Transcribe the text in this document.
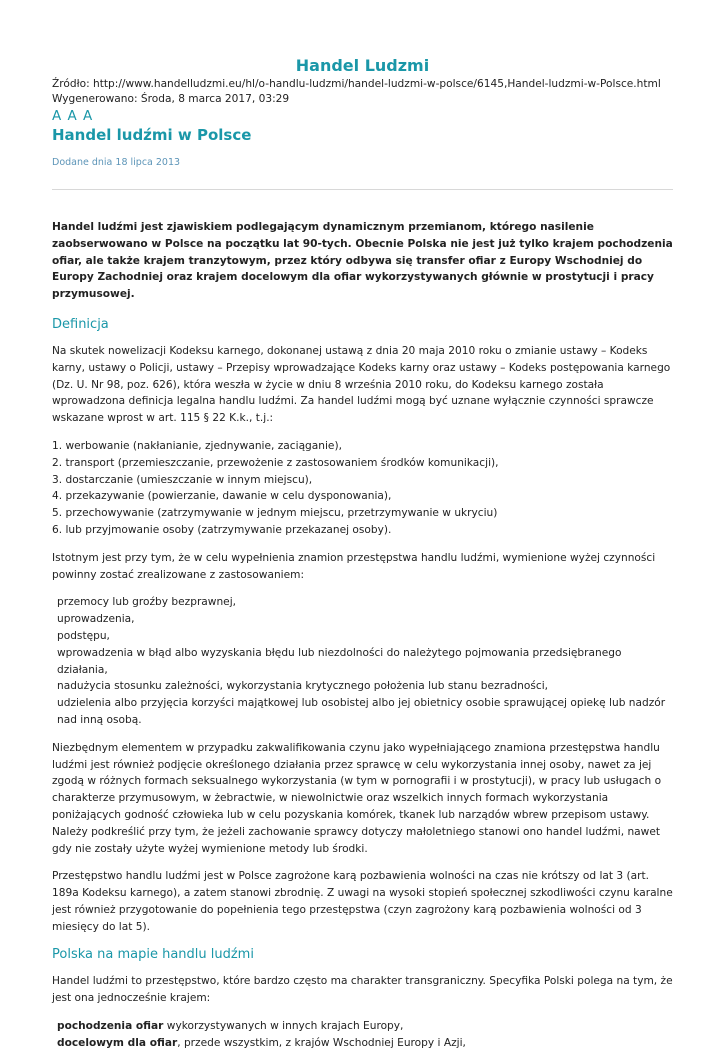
Handel Ludzmi
Źródło: http://www.handelludzmi.eu/hl/o-handlu-ludzmi/handel-ludzmi-w-polsce/6145,Handel-ludzmi-w-Polsce.html
Wygenerowano: Środa, 8 marca 2017, 03:29
A A A
Handel ludźmi w Polsce
Dodane dnia 18 lipca 2013

Handel ludźmi jest zjawiskiem podlegającym dynamicznym przemianom, którego nasilenie zaobserwowano w Polsce na początku lat 90-tych. Obecnie Polska nie jest już tylko krajem pochodzenia ofiar, ale także krajem tranzytowym, przez który odbywa się transfer ofiar z Europy Wschodniej do Europy Zachodniej oraz krajem docelowym dla ofiar wykorzystywanych głównie w prostytucji i pracy przymusowej.

Definicja

Na skutek nowelizacji Kodeksu karnego, dokonanej ustawą z dnia 20 maja 2010 roku o zmianie ustawy – Kodeks karny, ustawy o Policji, ustawy – Przepisy wprowadzające Kodeks karny oraz ustawy – Kodeks postępowania karnego (Dz. U. Nr 98, poz. 626), która weszła w życie w dniu 8 września 2010 roku, do Kodeksu karnego została wprowadzona definicja legalna handlu ludźmi. Za handel ludźmi mogą być uznane wyłącznie czynności sprawcze wskazane wprost w art. 115 § 22 K.k., t.j.:

1. werbowanie (nakłanianie, zjednywanie, zaciąganie),
2. transport (przemieszczanie, przewożenie z zastosowaniem środków komunikacji),
3. dostarczanie (umieszczanie w innym miejscu),
4. przekazywanie (powierzanie, dawanie w celu dysponowania),
5. przechowywanie (zatrzymywanie w jednym miejscu, przetrzymywanie w ukryciu)
6. lub przyjmowanie osoby (zatrzymywanie przekazanej osoby).

Istotnym jest przy tym, że w celu wypełnienia znamion przestępstwa handlu ludźmi, wymienione wyżej czynności powinny zostać zrealizowane z zastosowaniem:

przemocy lub groźby bezprawnej,
uprowadzenia,
podstępu,
wprowadzenia w błąd albo wyzyskania błędu lub niezdolności do należytego pojmowania przedsiębranego działania,
nadużycia stosunku zależności, wykorzystania krytycznego położenia lub stanu bezradności,
udzielenia albo przyjęcia korzyści majątkowej lub osobistej albo jej obietnicy osobie sprawującej opiekę lub nadzór nad inną osobą.

Niezbędnym elementem w przypadku zakwalifikowania czynu jako wypełniającego znamiona przestępstwa handlu ludźmi jest również podjęcie określonego działania przez sprawcę w celu wykorzystania innej osoby, nawet za jej zgodą w różnych formach seksualnego wykorzystania (w tym w pornografii i w prostytucji), w pracy lub usługach o charakterze przymusowym, w żebractwie, w niewolnictwie oraz wszelkich innych formach wykorzystania poniżających godność człowieka lub w celu pozyskania komórek, tkanek lub narządów wbrew przepisom ustawy. Należy podkreślić przy tym, że jeżeli zachowanie sprawcy dotyczy małoletniego stanowi ono handel ludźmi, nawet gdy nie zostały użyte wyżej wymienione metody lub środki.

Przestępstwo handlu ludźmi jest w Polsce zagrożone karą pozbawienia wolności na czas nie krótszy od lat 3 (art. 189a Kodeksu karnego), a zatem stanowi zbrodnię. Z uwagi na wysoki stopień społecznej szkodliwości czynu karalne jest również przygotowanie do popełnienia tego przestępstwa (czyn zagrożony karą pozbawienia wolności od 3 miesięcy do lat 5).

Polska na mapie handlu ludźmi

Handel ludźmi to przestępstwo, które bardzo często ma charakter transgraniczny. Specyfika Polski polega na tym, że jest ona jednocześnie krajem:

pochodzenia ofiar wykorzystywanych w innych krajach Europy,
docelowym dla ofiar, przede wszystkim, z krajów Wschodniej Europy i Azji,
